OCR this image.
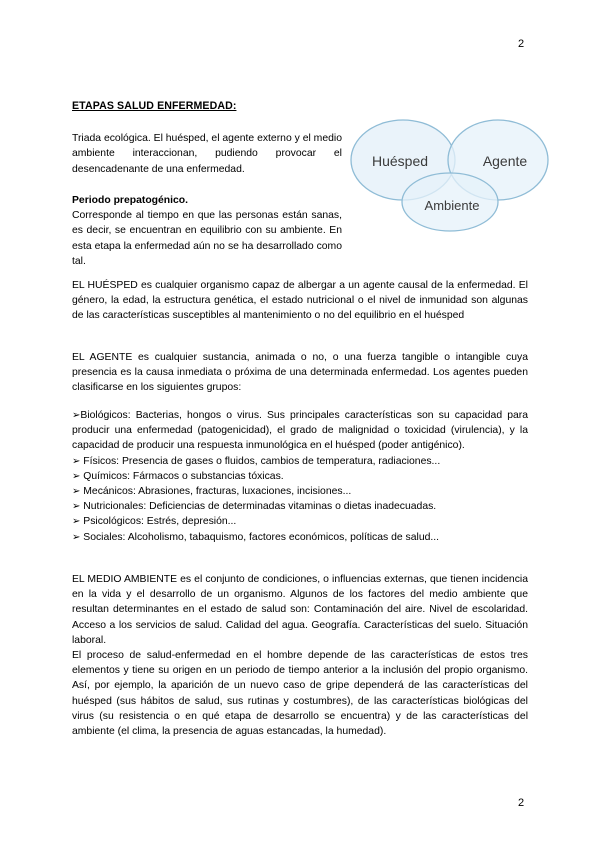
2
ETAPAS SALUD ENFERMEDAD:

Triada ecológica. El huésped, el agente externo y el medio ambiente interaccionan, pudiendo provocar el desencadenante de una enfermedad.

Periodo prepatogénico.

Corresponde al tiempo en que las personas están sanas, es decir, se encuentran en equilibrio con su ambiente. En esta etapa la enfermedad aún no se ha desarrollado como tal.

Huésped	Agente
Ambiente

EL HUÉSPED es cualquier organismo capaz de albergar a un agente causal de la enfermedad. El género, la edad, la estructura genética, el estado nutricional o el nivel de inmunidad son algunas de las características susceptibles al mantenimiento o no del equilibrio en el huésped

EL AGENTE es cualquier sustancia, animada o no, o una fuerza tangible o intangible cuya presencia es la causa inmediata o próxima de una determinada enfermedad. Los agentes pueden clasificarse en los siguientes grupos:

➢Biológicos: Bacterias, hongos o virus. Sus principales características son su capacidad para producir una enfermedad (patogenicidad), el grado de malignidad o toxicidad (virulencia), y la capacidad de producir una respuesta inmunológica en el huésped (poder antigénico).

➢ Físicos: Presencia de gases o fluidos, cambios de temperatura, radiaciones...

➢ Químicos: Fármacos o substancias tóxicas.

➢ Mecánicos: Abrasiones, fracturas, luxaciones, incisiones...

➢ Nutricionales: Deficiencias de determinadas vitaminas o dietas inadecuadas.

➢ Psicológicos: Estrés, depresión...

➢ Sociales: Alcoholismo, tabaquismo, factores económicos, políticas de salud...

EL MEDIO AMBIENTE es el conjunto de condiciones, o influencias externas, que tienen incidencia en la vida y el desarrollo de un organismo. Algunos de los factores del medio ambiente que resultan determinantes en el estado de salud son: Contaminación del aire. Nivel de escolaridad. Acceso a los servicios de salud. Calidad del agua. Geografía. Características del suelo. Situación laboral.

El proceso de salud-enfermedad en el hombre depende de las características de estos tres elementos y tiene su origen en un periodo de tiempo anterior a la inclusión del propio organismo. Así, por ejemplo, la aparición de un nuevo caso de gripe dependerá de las características del huésped (sus hábitos de salud, sus rutinas y costumbres), de las características biológicas del virus (su resistencia o en qué etapa de desarrollo se encuentra) y de las características del ambiente (el clima, la presencia de aguas estancadas, la humedad).

2
